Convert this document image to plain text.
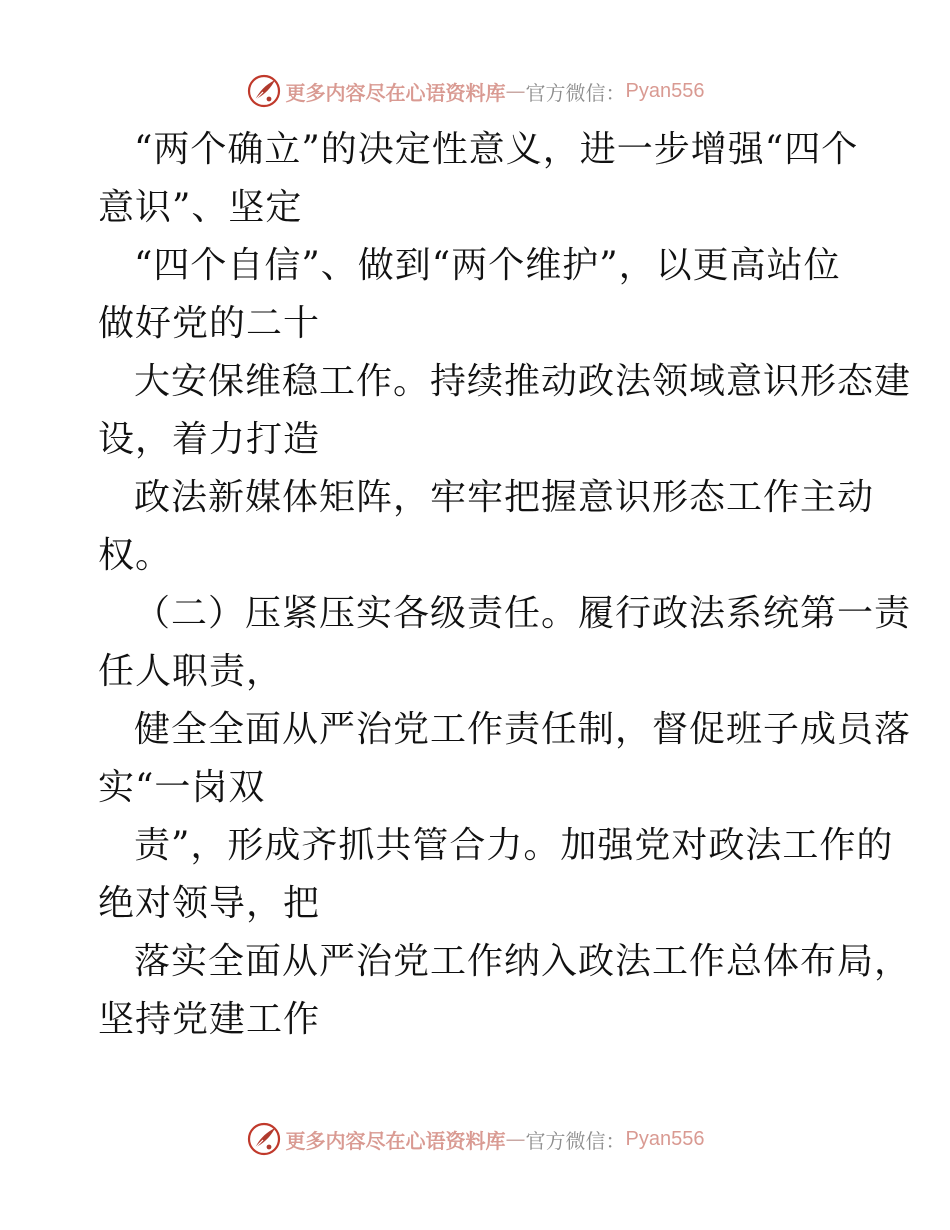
更多内容尽在心语资料库 — 官方微信： Pyan556
“两个确立”的决定性意义，进一步增强“四个
意识”、坚定
“四个自信”、做到“两个维护”，以更高站位
做好党的二十
大安保维稳工作。持续推动政法领域意识形态建
设，着力打造
政法新媒体矩阵，牢牢把握意识形态工作主动
权。
（二）压紧压实各级责任。履行政法系统第一责
任人职责，
健全全面从严治党工作责任制，督促班子成员落
实“一岗双
责”，形成齐抓共管合力。加强党对政法工作的
绝对领导，把
落实全面从严治党工作纳入政法工作总体布局，
坚持党建工作
更多内容尽在心语资料库 — 官方微信： Pyan556
